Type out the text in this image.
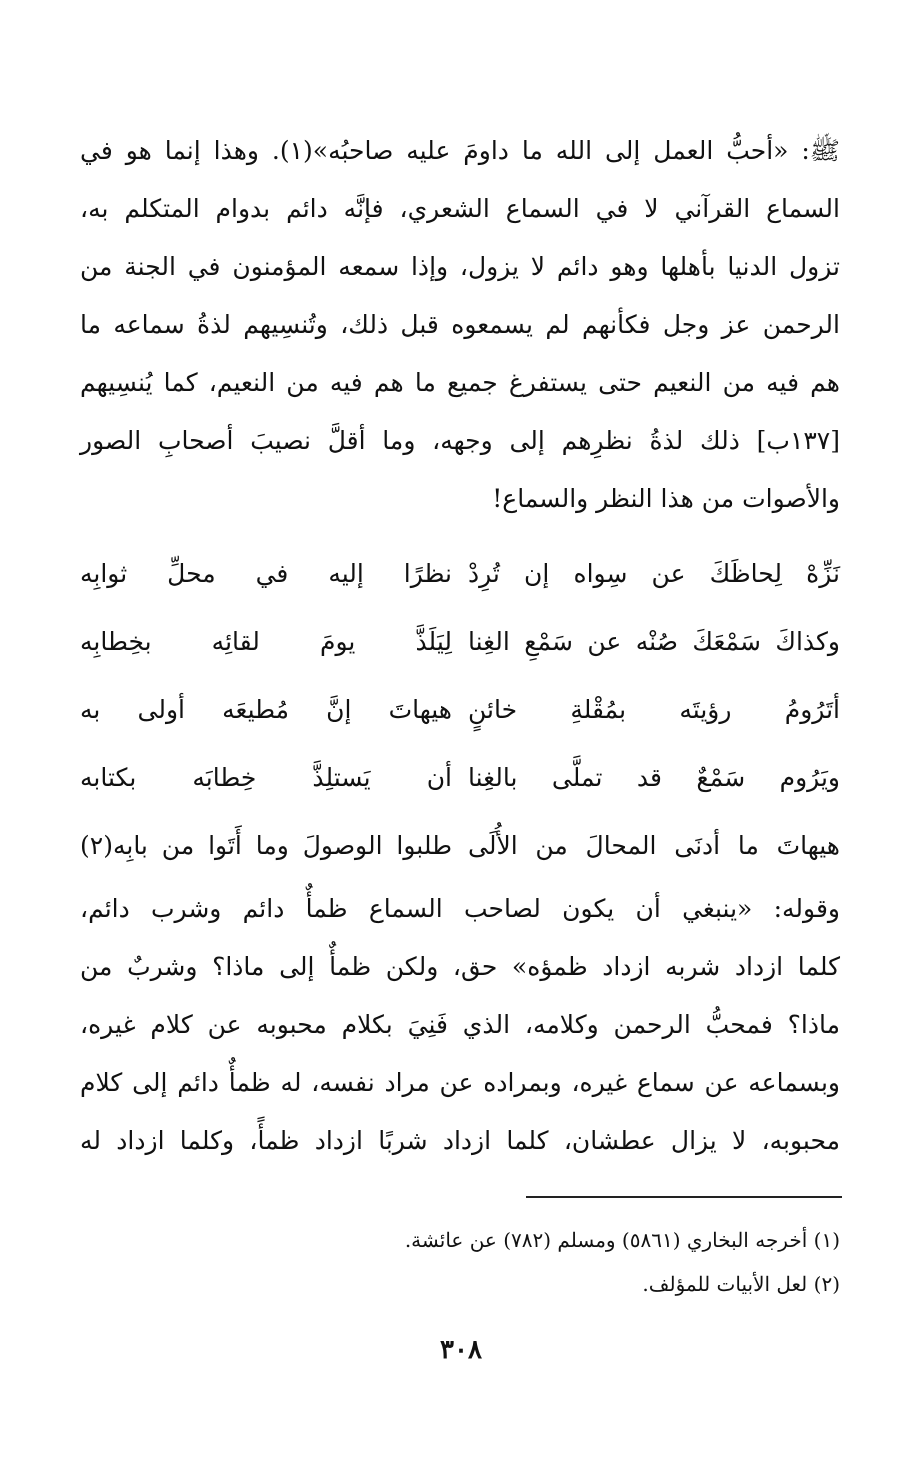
ﷺ: «أحبُّ العمل إلى الله ما داومَ عليه صاحبُه»(١). وهذا إنما هو في
السماع القرآني لا في السماع الشعري، فإنَّه دائم بدوام المتكلم به،
تزول الدنيا بأهلها وهو دائم لا يزول، وإذا سمعه المؤمنون في الجنة من
الرحمن عز وجل فكأنهم لم يسمعوه قبل ذلك، وتُنسِيهم لذةُ سماعه ما
هم فيه من النعيم حتى يستفرغ جميع ما هم فيه من النعيم، كما يُنسِيهم
[١٣٧ب] ذلك لذةُ نظرِهم إلى وجهه، وما أقلَّ نصيبَ أصحابِ الصور
والأصوات من هذا النظر والسماع!
نَزِّهْ لِحاظَكَ عن سِواه إن تُرِدْ
نظرًا إليه في محلِّ ثوابِه
وكذاكَ سَمْعَكَ صُنْه عن سَمْعِ الغِنا
لِيَلَذَّ يومَ لقائِه بخِطابِه
أتَرُومُ رؤيتَه بمُقْلةِ خائنٍ
هيهاتَ إنَّ مُطيعَه أولى به
ويَرُوم سَمْعٌ قد تملَّى بالغِنا
أن يَستلِذَّ خِطابَه بكتابه
هيهاتَ ما أدنَى المحالَ من الأُلَى
طلبوا الوصولَ وما أَتَوا من بابِه(٢)
وقوله: «ينبغي أن يكون لصاحب السماع ظمأٌ دائم وشرب دائم،
كلما ازداد شربه ازداد ظمؤه» حق، ولكن ظمأٌ إلى ماذا؟ وشربٌ من
ماذا؟ فمحبُّ الرحمن وكلامه، الذي فَنِيَ بكلام محبوبه عن كلام غيره،
وبسماعه عن سماع غيره، وبمراده عن مراد نفسه، له ظمأٌ دائم إلى كلام
محبوبه، لا يزال عطشان، كلما ازداد شربًا ازداد ظمأً، وكلما ازداد له
(١) أخرجه البخاري (٥٨٦١) ومسلم (٧٨٢) عن عائشة.
(٢) لعل الأبيات للمؤلف.
٣٠٨
